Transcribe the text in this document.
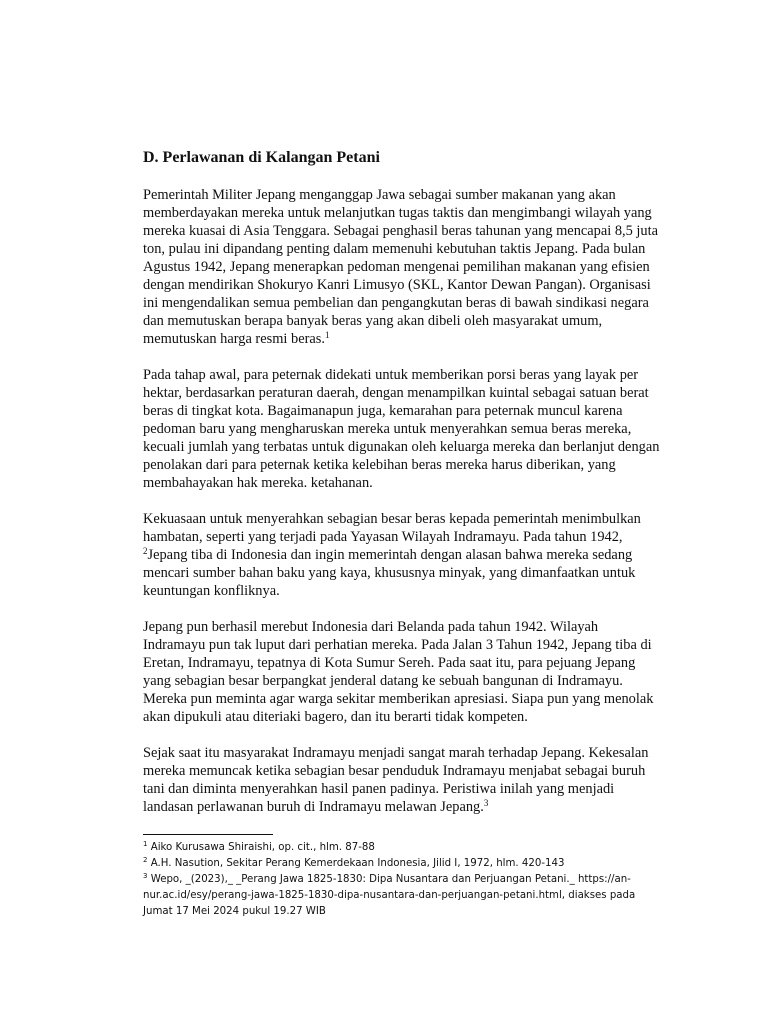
D. Perlawanan di Kalangan Petani

Pemerintah Militer Jepang menganggap Jawa sebagai sumber makanan yang akan memberdayakan mereka untuk melanjutkan tugas taktis dan mengimbangi wilayah yang mereka kuasai di Asia Tenggara. Sebagai penghasil beras tahunan yang mencapai 8,5 juta ton, pulau ini dipandang penting dalam memenuhi kebutuhan taktis Jepang. Pada bulan Agustus 1942, Jepang menerapkan pedoman mengenai pemilihan makanan yang efisien dengan mendirikan Shokuryo Kanri Limusyo (SKL, Kantor Dewan Pangan). Organisasi ini mengendalikan semua pembelian dan pengangkutan beras di bawah sindikasi negara dan memutuskan berapa banyak beras yang akan dibeli oleh masyarakat umum, memutuskan harga resmi beras.$^1$

Pada tahap awal, para peternak didekati untuk memberikan porsi beras yang layak per hektar, berdasarkan peraturan daerah, dengan menampilkan kuintal sebagai satuan berat beras di tingkat kota. Bagaimanapun juga, kemarahan para peternak muncul karena pedoman baru yang mengharuskan mereka untuk menyerahkan semua beras mereka, kecuali jumlah yang terbatas untuk digunakan oleh keluarga mereka dan berlanjut dengan penolakan dari para peternak ketika kelebihan beras mereka harus diberikan, yang membahayakan hak mereka. ketahanan.

Kekuasaan untuk menyerahkan sebagian besar beras kepada pemerintah menimbulkan hambatan, seperti yang terjadi pada Yayasan Wilayah Indramayu. Pada tahun 1942, $^2$Jepang tiba di Indonesia dan ingin memerintah dengan alasan bahwa mereka sedang mencari sumber bahan baku yang kaya, khususnya minyak, yang dimanfaatkan untuk keuntungan konfliknya.

Jepang pun berhasil merebut Indonesia dari Belanda pada tahun 1942. Wilayah Indramayu pun tak luput dari perhatian mereka. Pada Jalan 3 Tahun 1942, Jepang tiba di Eretan, Indramayu, tepatnya di Kota Sumur Sereh. Pada saat itu, para pejuang Jepang yang sebagian besar berpangkat jenderal datang ke sebuah bangunan di Indramayu. Mereka pun meminta agar warga sekitar memberikan apresiasi. Siapa pun yang menolak akan dipukuli atau diteriaki bagero, dan itu berarti tidak kompeten.

Sejak saat itu masyarakat Indramayu menjadi sangat marah terhadap Jepang. Kekesalan mereka memuncak ketika sebagian besar penduduk Indramayu menjabat sebagai buruh tani dan diminta menyerahkan hasil panen padinya. Peristiwa inilah yang menjadi landasan perlawanan buruh di Indramayu melawan Jepang.$^3$

$^1$ Aiko Kurusawa Shiraishi, op. cit., hlm. 87-88

$^2$ A.H. Nasution, Sekitar Perang Kemerdekaan Indonesia, Jilid I, 1972, hlm. 420-143

$^3$ Wepo, _(2023),_ _Perang Jawa 1825-1830: Dipa Nusantara dan Perjuangan Petani._ https://an-nur.ac.id/esy/perang-jawa-1825-1830-dipa-nusantara-dan-perjuangan-petani.html, diakses pada Jumat 17 Mei 2024 pukul 19.27 WIB
